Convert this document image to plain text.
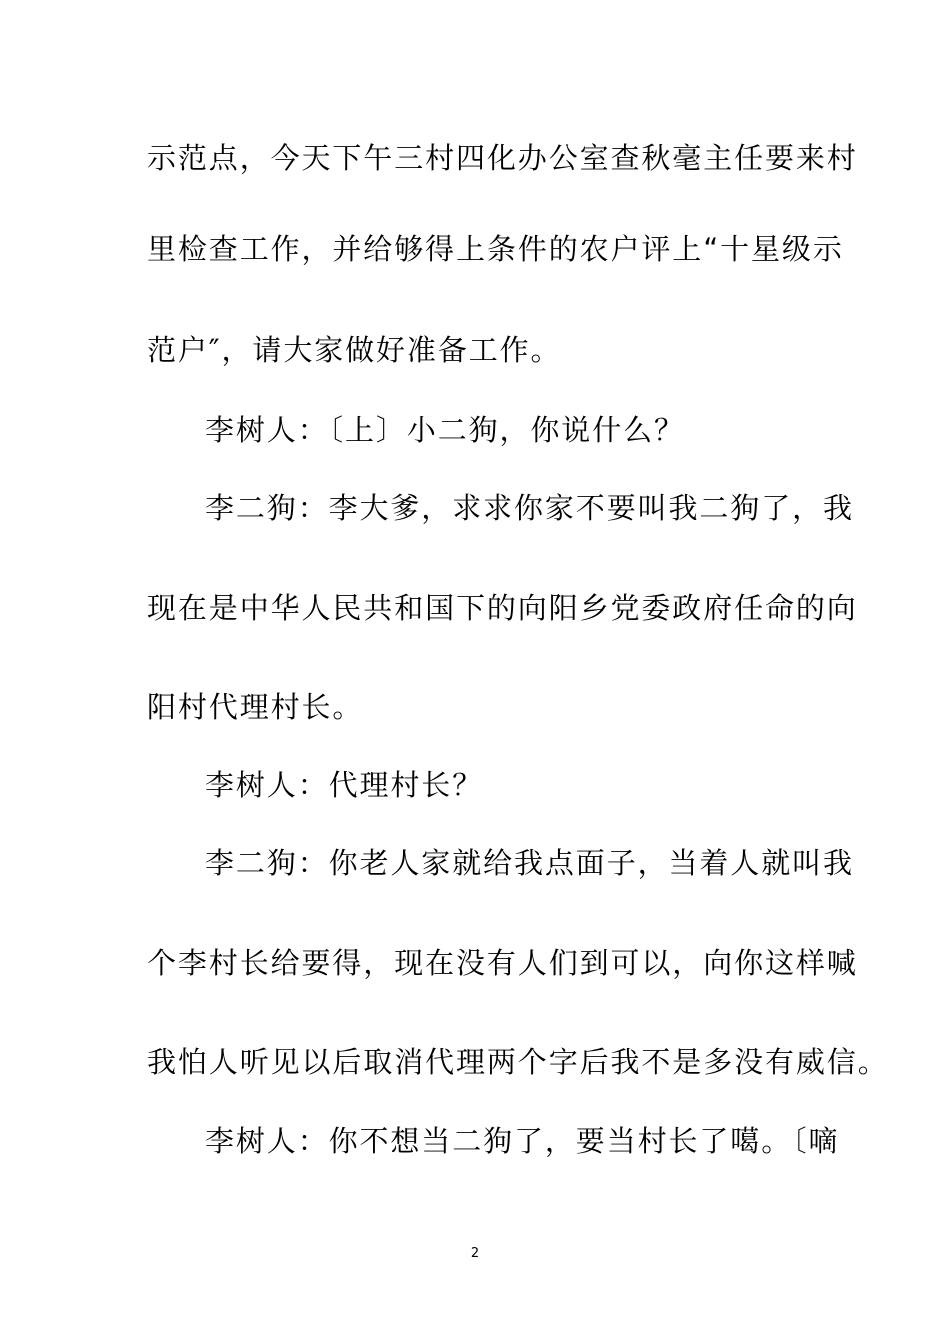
示范点，今天下午三村四化办公室查秋毫主任要来村
里检查工作，并给够得上条件的农户评上“十星级示
范户″，请大家做好准备工作。
李树人：〔上〕小二狗，你说什么？
李二狗：李大爹，求求你家不要叫我二狗了，我
现在是中华人民共和国下的向阳乡党委政府任命的向
阳村代理村长。
李树人：代理村长？
李二狗：你老人家就给我点面子，当着人就叫我
个李村长给要得，现在没有人们到可以，向你这样喊
我怕人听见以后取消代理两个字后我不是多没有威信。
李树人：你不想当二狗了，要当村长了噶。〔嘀
2
